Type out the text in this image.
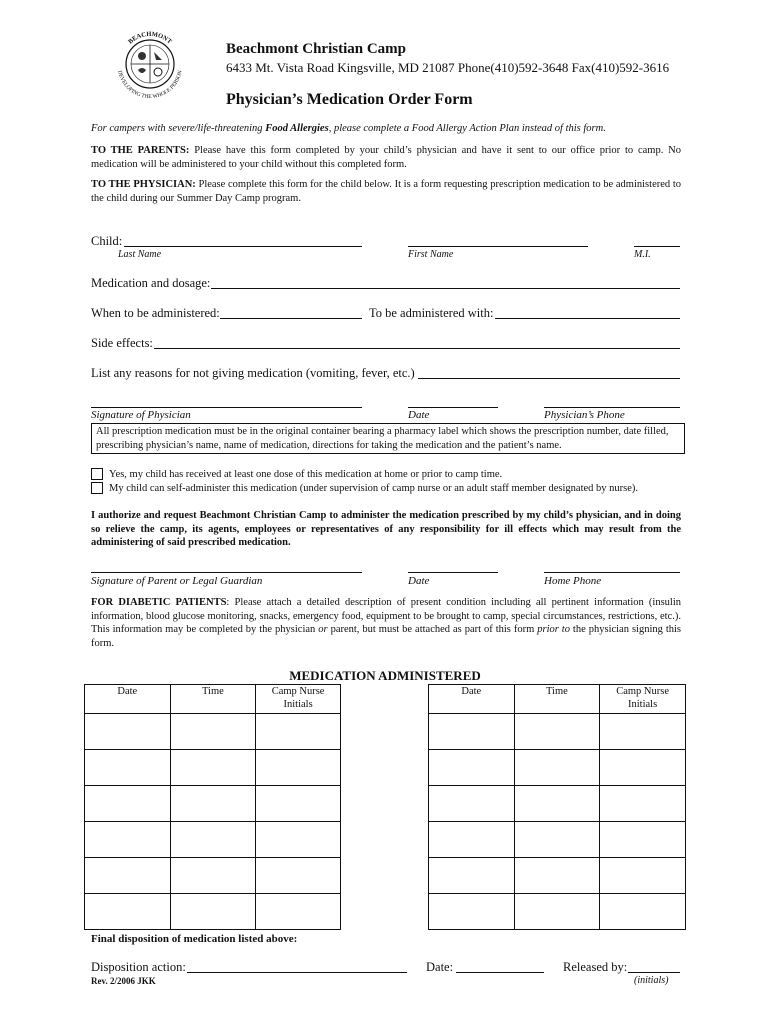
BEACHMONT
DEVELOPING THE WHOLE PERSON
Beachmont Christian Camp
6433 Mt. Vista Road Kingsville, MD 21087 Phone(410)592-3648 Fax(410)592-3616
Physician’s Medication Order Form
For campers with severe/life-threatening Food Allergies, please complete a Food Allergy Action Plan instead of this form.
TO THE PARENTS: Please have this form completed by your child’s physician and have it sent to our office prior to camp. No medication will be administered to your child without this completed form.
TO THE PHYSICIAN: Please complete this form for the child below. It is a form requesting prescription medication to be administered to the child during our Summer Day Camp program.
Child:
Last Name	First Name	M.I.
Medication and dosage:
When to be administered:	To be administered with:
Side effects:
List any reasons for not giving medication (vomiting, fever, etc.)
Signature of Physician	Date	Physician’s Phone
All prescription medication must be in the original container bearing a pharmacy label which shows the prescription number, date filled, prescribing physician’s name, name of medication, directions for taking the medication and the patient’s name.
Yes, my child has received at least one dose of this medication at home or prior to camp time.
My child can self-administer this medication (under supervision of camp nurse or an adult staff member designated by nurse).
I authorize and request Beachmont Christian Camp to administer the medication prescribed by my child’s physician, and in doing so relieve the camp, its agents, employees or representatives of any responsibility for ill effects which may result from the administering of said prescribed medication.
Signature of Parent or Legal Guardian	Date	Home Phone
FOR DIABETIC PATIENTS: Please attach a detailed description of present condition including all pertinent information (insulin information, blood glucose monitoring, snacks, emergency food, equipment to be brought to camp, special circumstances, restrictions, etc.). This information may be completed by the physician or parent, but must be attached as part of this form prior to the physician signing this form.
MEDICATION ADMINISTERED
Date	Time	Camp Nurse
Initials

Date	Time	Camp Nurse
Initials

Final disposition of medication listed above:
Disposition action:	Date:	Released by:
(initials)
Rev. 2/2006 JKK
